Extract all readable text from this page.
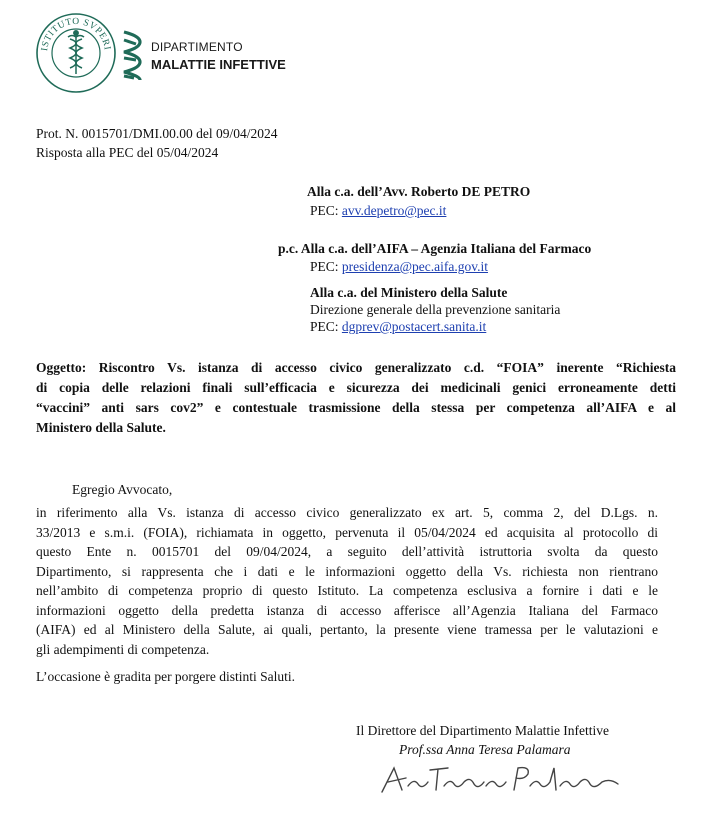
ISTITUTO SVPERI	DIPARTIMENTO
MALATTIE INFETTIVE
Prot. N. 0015701/DMI.00.00 del 09/04/2024
Risposta alla PEC del 05/04/2024
Alla c.a. dell’Avv. Roberto DE PETRO
PEC: avv.depetro@pec.it
p.c. Alla c.a. dell’AIFA – Agenzia Italiana del Farmaco
PEC: presidenza@pec.aifa.gov.it
Alla c.a. del Ministero della Salute
Direzione generale della prevenzione sanitaria
PEC: dgprev@postacert.sanita.it
Oggetto: Riscontro Vs. istanza di accesso civico generalizzato c.d. “FOIA” inerente “Richiesta
di copia delle relazioni finali sull’efficacia e sicurezza dei medicinali genici erroneamente detti
“vaccini” anti sars cov2” e contestuale trasmissione della stessa per competenza all’AIFA e al
Ministero della Salute.
Egregio Avvocato,
in riferimento alla Vs. istanza di accesso civico generalizzato ex art. 5, comma 2, del D.Lgs. n.
33/2013 e s.m.i. (FOIA), richiamata in oggetto, pervenuta il 05/04/2024 ed acquisita al protocollo di
questo Ente n. 0015701 del 09/04/2024, a seguito dell’attività istruttoria svolta da questo
Dipartimento, si rappresenta che i dati e le informazioni oggetto della Vs. richiesta non rientrano
nell’ambito di competenza proprio di questo Istituto. La competenza esclusiva a fornire i dati e le
informazioni oggetto della predetta istanza di accesso afferisce all’Agenzia Italiana del Farmaco
(AIFA) ed al Ministero della Salute, ai quali, pertanto, la presente viene tramessa per le valutazioni e
gli adempimenti di competenza.
L’occasione è gradita per porgere distinti Saluti.
Il Direttore del Dipartimento Malattie Infettive
Prof.ssa Anna Teresa Palamara
